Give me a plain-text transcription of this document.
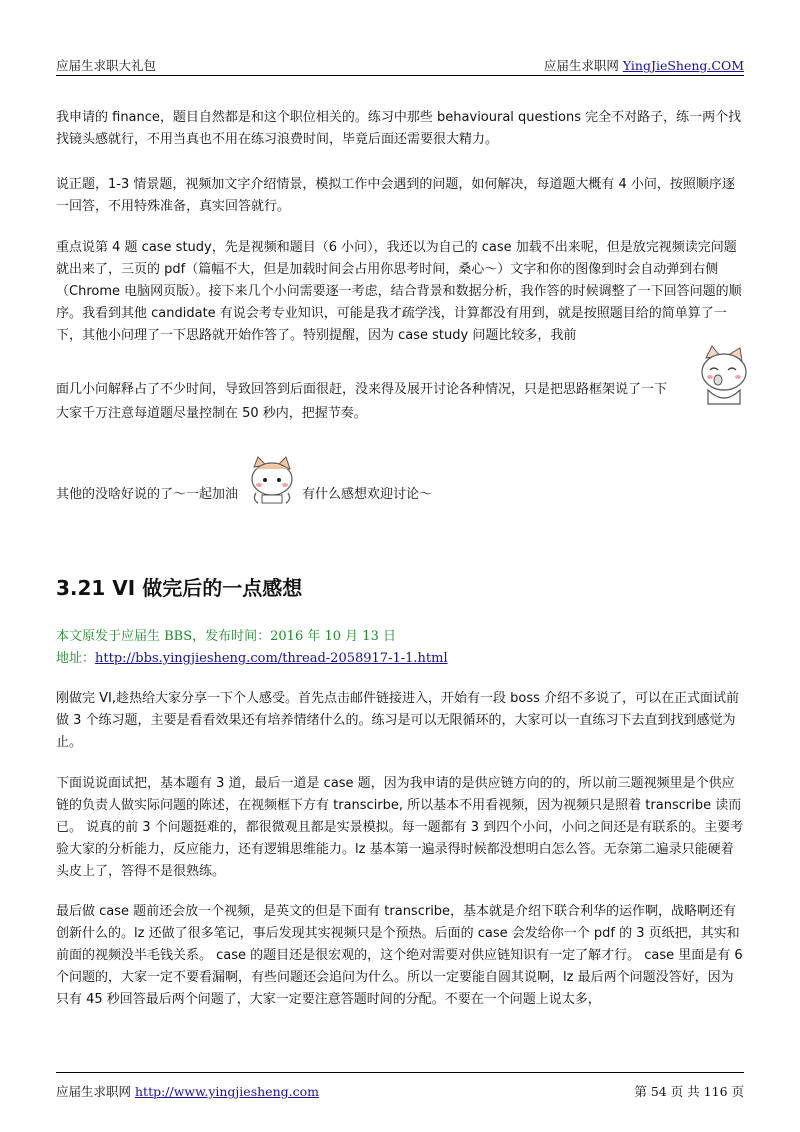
应届生求职大礼包	应届生求职网 YingJieSheng.COM

我申请的 finance，题目自然都是和这个职位相关的。练习中那些 behavioural questions 完全不对路子，练一两个找找镜头感就行，不用当真也不用在练习浪费时间，毕竟后面还需要很大精力。

说正题，1-3 情景题，视频加文字介绍情景，模拟工作中会遇到的问题，如何解决，每道题大概有 4 小问，按照顺序逐一回答，不用特殊准备，真实回答就行。

重点说第 4 题 case study，先是视频和题目（6 小问），我还以为自己的 case 加载不出来呢，但是放完视频读完问题就出来了，三页的 pdf（篇幅不大，但是加载时间会占用你思考时间，桑心～）文字和你的图像到时会自动弹到右侧（Chrome 电脑网页版）。接下来几个小问需要逐一考虑，结合背景和数据分析，我作答的时候调整了一下回答问题的顺序。我看到其他 candidate 有说会考专业知识，可能是我才疏学浅，计算都没有用到，就是按照题目给的简单算了一下，其他小问理了一下思路就开始作答了。特别提醒，因为 case study 问题比较多，我前

面几小问解释占了不少时间，导致回答到后面很赶，没来得及展开讨论各种情况，只是把思路框架说了一下

大家千万注意每道题尽量控制在 50 秒内，把握节奏。

其他的没啥好说的了～一起加油	有什么感想欢迎讨论～

3.21 VI 做完后的一点感想

本文原发于应届生 BBS，发布时间：2016 年 10 月 13 日

地址：http://bbs.yingjiesheng.com/thread-2058917-1-1.html

刚做完 VI,趁热给大家分享一下个人感受。首先点击邮件链接进入，开始有一段 boss 介绍不多说了，可以在正式面试前做 3 个练习题，主要是看看效果还有培养情绪什么的。练习是可以无限循环的，大家可以一直练习下去直到找到感觉为止。

下面说说面试把，基本题有 3 道，最后一道是 case 题，因为我申请的是供应链方向的的，所以前三题视频里是个供应链的负责人做实际问题的陈述，在视频框下方有 transcirbe, 所以基本不用看视频，因为视频只是照着 transcribe 读而已。 说真的前 3 个问题挺难的，都很微观且都是实景模拟。每一题都有 3 到四个小问，小问之间还是有联系的。主要考验大家的分析能力，反应能力，还有逻辑思维能力。lz 基本第一遍录得时候都没想明白怎么答。无奈第二遍录只能硬着头皮上了，答得不是很熟练。

最后做 case 题前还会放一个视频，是英文的但是下面有 transcribe，基本就是介绍下联合利华的运作啊，战略啊还有创新什么的。lz 还做了很多笔记，事后发现其实视频只是个预热。后面的 case 会发给你一个 pdf 的 3 页纸把，其实和前面的视频没半毛钱关系。 case 的题目还是很宏观的，这个绝对需要对供应链知识有一定了解才行。 case 里面是有 6 个问题的，大家一定不要看漏啊，有些问题还会追问为什么。所以一定要能自圆其说啊，lz 最后两个问题没答好，因为只有 45 秒回答最后两个问题了，大家一定要注意答题时间的分配。不要在一个问题上说太多，

应届生求职网 http://www.yingjiesheng.com	第 54 页 共 116 页
